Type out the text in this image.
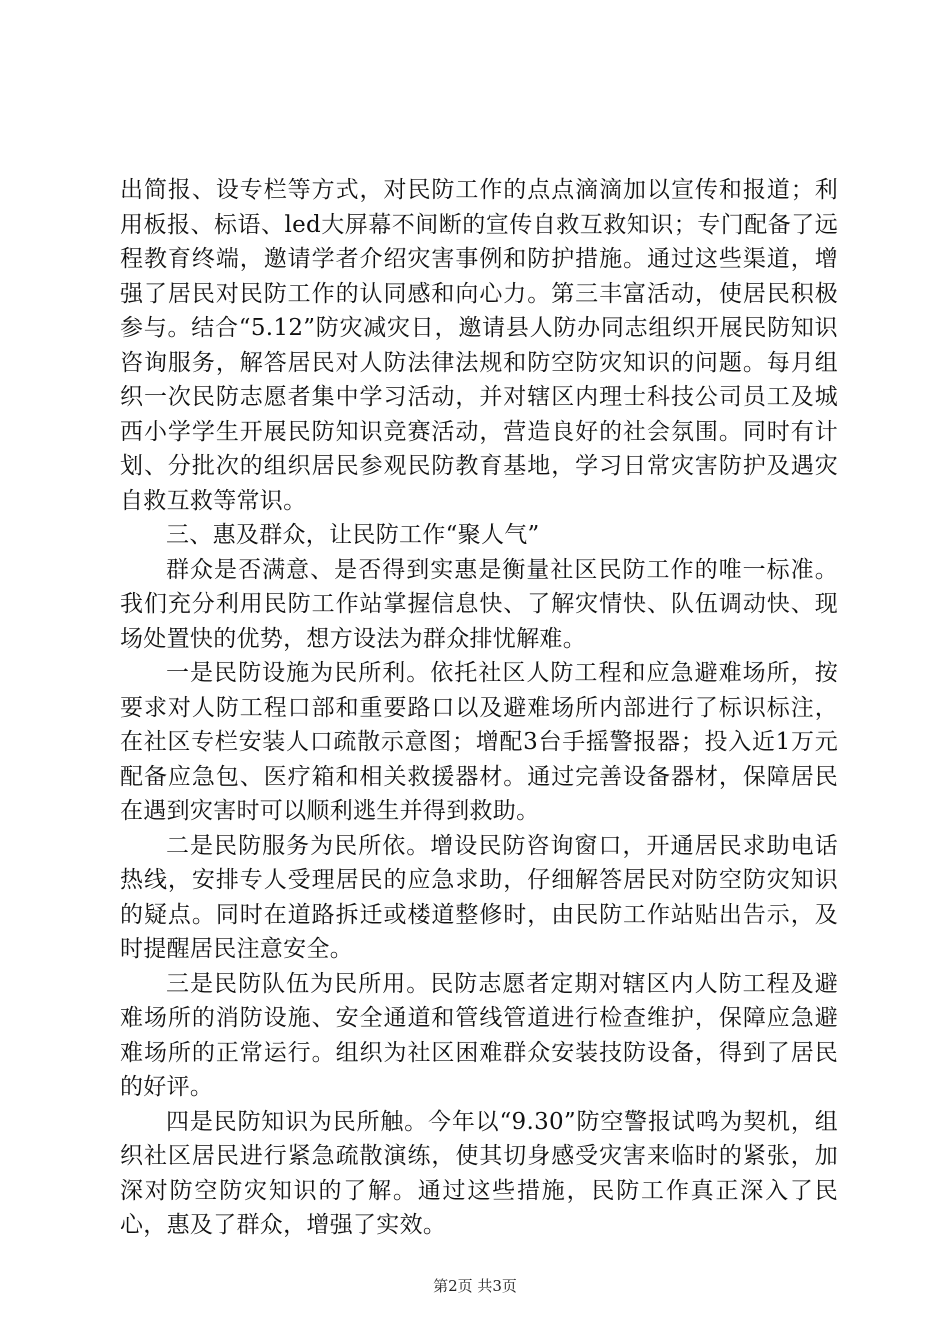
出简报、设专栏等方式，对民防工作的点点滴滴加以宣传和报道；利用板报、标语、led大屏幕不间断的宣传自救互救知识；专门配备了远程教育终端，邀请学者介绍灾害事例和防护措施。通过这些渠道，增强了居民对民防工作的认同感和向心力。第三丰富活动，使居民积极参与。结合“5.12”防灾减灾日，邀请县人防办同志组织开展民防知识咨询服务，解答居民对人防法律法规和防空防灾知识的问题。每月组织一次民防志愿者集中学习活动，并对辖区内理士科技公司员工及城西小学学生开展民防知识竞赛活动，营造良好的社会氛围。同时有计划、分批次的组织居民参观民防教育基地，学习日常灾害防护及遇灾自救互救等常识。

三、惠及群众，让民防工作“聚人气”

群众是否满意、是否得到实惠是衡量社区民防工作的唯一标准。我们充分利用民防工作站掌握信息快、了解灾情快、队伍调动快、现场处置快的优势，想方设法为群众排忧解难。

一是民防设施为民所利。依托社区人防工程和应急避难场所，按要求对人防工程口部和重要路口以及避难场所内部进行了标识标注，在社区专栏安装人口疏散示意图；增配3台手摇警报器；投入近1万元配备应急包、医疗箱和相关救援器材。通过完善设备器材，保障居民在遇到灾害时可以顺利逃生并得到救助。

二是民防服务为民所依。增设民防咨询窗口，开通居民求助电话热线，安排专人受理居民的应急求助，仔细解答居民对防空防灾知识的疑点。同时在道路拆迁或楼道整修时，由民防工作站贴出告示，及时提醒居民注意安全。

三是民防队伍为民所用。民防志愿者定期对辖区内人防工程及避难场所的消防设施、安全通道和管线管道进行检查维护，保障应急避难场所的正常运行。组织为社区困难群众安装技防设备，得到了居民的好评。

四是民防知识为民所触。今年以“9.30”防空警报试鸣为契机，组织社区居民进行紧急疏散演练，使其切身感受灾害来临时的紧张，加深对防空防灾知识的了解。通过这些措施，民防工作真正深入了民心，惠及了群众，增强了实效。

第2页 共3页
